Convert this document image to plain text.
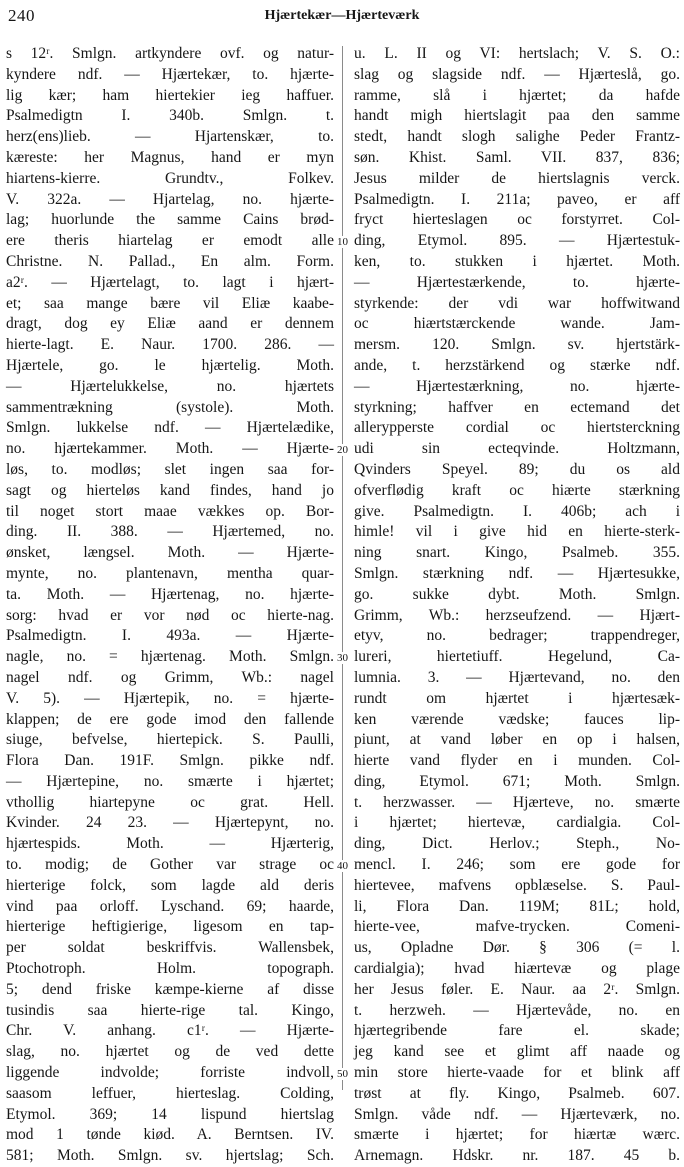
240	Hjærtekær—Hjærteværk
s 12ʳ. Smlgn. artkyndere ovf. og natur-
kyndere ndf. — Hjærtekær, to. hjærte-
lig kær; ham hiertekier ieg haffuer.
Psalmedigtn I. 340b. Smlgn. t.
herz(ens)lieb. — Hjartenskær, to.
kæreste: her Magnus, hand er myn
hiartens-kierre. Grundtv., Folkev.
V. 322a. — Hjartelag, no. hjærte-
lag; huorlunde the samme Cains brød-
ere theris hiartelag er emodt alle
Christne. N. Pallad., En alm. Form.
a2ʳ. — Hjærtelagt, to. lagt i hjært-
et; saa mange bære vil Eliæ kaabe-
dragt, dog ey Eliæ aand er dennem
hierte-lagt. E. Naur. 1700. 286. —
Hjærtele, go. le hjærtelig. Moth.
— Hjærtelukkelse, no. hjærtets
sammentrækning (systole). Moth.
Smlgn. lukkelse ndf. — Hjærtelædike,
no. hjærtekammer. Moth. — Hjærte-
løs, to. modløs; slet ingen saa for-
sagt og hierteløs kand findes, hand jo
til noget stort maae vækkes op. Bor-
ding. II. 388. — Hjærtemed, no.
ønsket, længsel. Moth. — Hjærte-
mynte, no. plantenavn, mentha quar-
ta. Moth. — Hjærtenag, no. hjærte-
sorg: hvad er vor nød oc hierte-nag.
Psalmedigtn. I. 493a. — Hjærte-
nagle, no. = hjærtenag. Moth. Smlgn.
nagel ndf. og Grimm, Wb.: nagel
V. 5). — Hjærtepik, no. = hjærte-
klappen; de ere gode imod den fallende
siuge, befvelse, hiertepick. S. Paulli,
Flora Dan. 191F. Smlgn. pikke ndf.
— Hjærtepine, no. smærte i hjærtet;
vthollig hiartepyne oc grat. Hell.
Kvinder. 24 23. — Hjærtepynt, no.
hjærtespids. Moth. — Hjærterig,
to. modig; de Gother var strage oc
hierterige folck, som lagde ald deris
vind paa orloff. Lyschand. 69; haarde,
hierterige heftigierige, ligesom en tap-
per soldat beskriffvis. Wallensbek,
Ptochotroph. Holm. topograph.
5; dend friske kæmpe-kierne af disse
tusindis saa hierte-rige tal. Kingo,
Chr. V. anhang. c1ʳ. — Hjærte-
slag, no. hjærtet og de ved dette
liggende indvolde; forriste indvoll,
saasom leffuer, hierteslag. Colding,
Etymol. 369; 14 lispund hiertslag
mod 1 tønde kiød. A. Berntsen. IV.
581; Moth. Smlgn. sv. hjertslag; Sch.
u. L. II og VI: hertslach; V. S. O.:
slag og slagside ndf. — Hjærteslå, go.
ramme, slå i hjærtet; da hafde
handt migh hiertslagit paa den samme
stedt, handt slogh salighe Peder Frantz-
søn. Khist. Saml. VII. 837, 836;
Jesus milder de hiertslagnis verck.
Psalmedigtn. I. 211a; paveo, er aff
fryct hierteslagen oc forstyrret. Col-
ding, Etymol. 895. — Hjærtestuk-
ken, to. stukken i hjærtet. Moth.
— Hjærtestærkende, to. hjærte-
styrkende: der vdi war hoffwitwand
oc hiærtstærckende wande. Jam-
mersm. 120. Smlgn. sv. hjertstärk-
ande, t. herzstärkend og stærke ndf.
— Hjærtestærkning, no. hjærte-
styrkning; haffver en ectemand det
allerypperste cordial oc hiertsterckning
udi sin ecteqvinde. Holtzmann,
Qvinders Speyel. 89; du os ald
ofverflødig kraft oc hiærte stærkning
give. Psalmedigtn. I. 406b; ach i
himle! vil i give hid en hierte-sterk-
ning snart. Kingo, Psalmeb. 355.
Smlgn. stærkning ndf. — Hjærtesukke,
go. sukke dybt. Moth. Smlgn.
Grimm, Wb.: herzseufzend. — Hjært-
etyv, no. bedrager; trappendreger,
lureri, hiertetiuff. Hegelund, Ca-
lumnia. 3. — Hjærtevand, no. den
rundt om hjærtet i hjærtesæk-
ken værende vædske; fauces lip-
piunt, at vand løber en op i halsen,
hierte vand flyder en i munden. Col-
ding, Etymol. 671; Moth. Smlgn.
t. herzwasser. — Hjærteve, no. smærte
i hjærtet; hiertevæ, cardialgia. Col-
ding, Dict. Herlov.; Steph., No-
mencl. I. 246; som ere gode for
hiertevee, mafvens opblæselse. S. Paul-
li, Flora Dan. 119M; 81L; hold,
hierte-vee, mafve-trycken. Comeni-
us, Opladne Dør. § 306 (= l.
cardialgia); hvad hiærtevæ og plage
her Jesus føler. E. Naur. aa 2ʳ. Smlgn.
t. herzweh. — Hjærtevåde, no. en
hjærtegribende fare el. skade;
jeg kand see et glimt aff naade og
min store hierte-vaade for et blink aff
trøst at fly. Kingo, Psalmeb. 607.
Smlgn. våde ndf. — Hjærteværk, no.
smærte i hjærtet; for hiærtæ wærc.
Arnemagn. Hdskr. nr. 187. 45 b.
10
20
30
40
50
